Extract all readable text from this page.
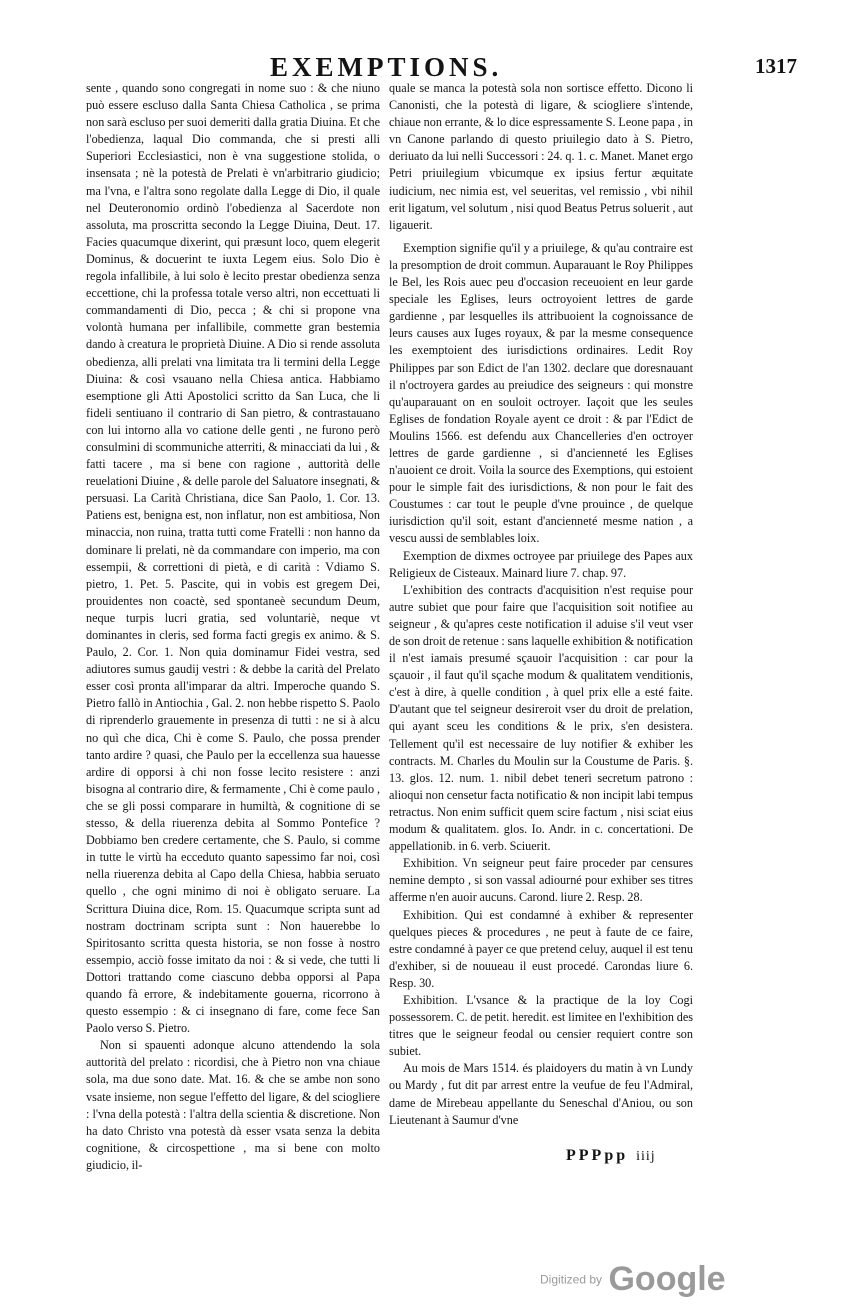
EXEMPTIONS.	1317

sente , quando sono congregati in nome suo : & che niuno può essere escluso dalla Santa Chiesa Catholica , se prima non sarà escluso per suoi demeriti dalla gratia Diuina. Et che l'obedienza, laqual Dio commanda, che si presti alli Superiori Ecclesiastici, non è vna suggestione stolida, o insensata ; nè la potestà de Prelati è vn'arbitrario giudicio; ma l'vna, e l'altra sono regolate dalla Legge di Dio, il quale nel Deuteronomio ordinò l'obedienza al Sacerdote non assoluta, ma proscritta secondo la Legge Diuina, Deut. 17. Facies quacumque dixerint, qui præsunt loco, quem elegerit Dominus, & docuerint te iuxta Legem eius. Solo Dio è regola infallibile, à lui solo è lecito prestar obedienza senza eccettione, chi la professa totale verso altri, non eccettuati li commandamenti di Dio, pecca ; & chi si propone vna volontà humana per infallibile, commette gran bestemia dando à creatura le proprietà Diuine. A Dio si rende assoluta obedienza, alli prelati vna limitata tra li termini della Legge Diuina: & così vsauano nella Chiesa antica. Habbiamo esemptione gli Atti Apostolici scritto da San Luca, che li fideli sentiuano il contrario di San pietro, & contrastauano con lui intorno alla vo catione delle genti , ne furono però consulmini di scommuniche atterriti, & minacciati da lui , & fatti tacere , ma si bene con ragione , auttorità delle reuelationi Diuine , & delle parole del Saluatore insegnati, & persuasi. La Carità Christiana, dice San Paolo, 1. Cor. 13. Patiens est, benigna est, non inflatur, non est ambitiosa, Non minaccia, non ruina, tratta tutti come Fratelli : non hanno da dominare li prelati, nè da commandare con imperio, ma con essempii, & correttioni di pietà, e di carità : Vdiamo S. pietro, 1. Pet. 5. Pascite, qui in vobis est gregem Dei, prouidentes non coactè, sed spontaneè secundum Deum, neque turpis lucri gratia, sed voluntariè, neque vt dominantes in cleris, sed forma facti gregis ex animo. & S. Paulo, 2. Cor. 1. Non quia dominamur Fidei vestra, sed adiutores sumus gaudij vestri : & debbe la carità del Prelato esser così pronta all'imparar da altri. Imperoche quando S. Pietro fallò in Antiochia , Gal. 2. non hebbe rispetto S. Paolo di riprenderlo grauemente in presenza di tutti : ne si à alcu no quì che dica, Chi è come S. Paulo, che possa prender tanto ardire ? quasi, che Paulo per la eccellenza sua hauesse ardire di opporsi à chi non fosse lecito resistere : anzi bisogna al contrario dire, & fermamente , Chi è come paulo , che se gli possi comparare in humiltà, & cognitione di se stesso, & della riuerenza debita al Sommo Pontefice ? Dobbiamo ben credere certamente, che S. Paulo, si comme in tutte le virtù ha ecceduto quanto sapessimo far noi, così nella riuerenza debita al Capo della Chiesa, habbia seruato quello , che ogni minimo di noi è obligato seruare. La Scrittura Diuina dice, Rom. 15. Quacumque scripta sunt ad nostram doctrinam scripta sunt : Non hauerebbe lo Spiritosanto scritta questa historia, se non fosse à nostro essempio, acciò fosse imitato da noi : & si vede, che tutti li Dottori trattando come ciascuno debba opporsi al Papa quando fà errore, & indebitamente gouerna, ricorrono à questo essempio : & ci insegnano di fare, come fece San Paolo verso S. Pietro.

Non si spauenti adonque alcuno attendendo la sola auttorità del prelato : ricordisi, che à Pietro non vna chiaue sola, ma due sono date. Mat. 16. & che se ambe non sono vsate insieme, non segue l'effetto del ligare, & del sciogliere : l'vna della potestà : l'altra della scientia & discretione. Non ha dato Christo vna potestà dà esser vsata senza la debita cognitione, & circospettione , ma si bene con molto giudicio, il-

quale se manca la potestà sola non sortisce effetto. Dicono li Canonisti, che la potestà di ligare, & sciogliere s'intende, chiaue non errante, & lo dice espressamente S. Leone papa , in vn Canone parlando di questo priuilegio dato à S. Pietro, deriuato da lui nelli Successori : 24. q. 1. c. Manet. Manet ergo Petri priuilegium vbicumque ex ipsius fertur æquitate iudicium, nec nimia est, vel seueritas, vel remissio , vbi nihil erit ligatum, vel solutum , nisi quod Beatus Petrus soluerit , aut ligauerit.

Exemption signifie qu'il y a priuilege, & qu'au contraire est la presomption de droit commun. Auparauant le Roy Philippes le Bel, les Rois auec peu d'occasion receuoient en leur garde speciale les Eglises, leurs octroyoient lettres de garde gardienne , par lesquelles ils attribuoient la cognoissance de leurs causes aux Iuges royaux, & par la mesme consequence les exemptoient des iurisdictions ordinaires. Ledit Roy Philippes par son Edict de l'an 1302. declare que doresnauant il n'octroyera gardes au preiudice des seigneurs : qui monstre qu'auparauant on en souloit octroyer. Iaçoit que les seules Eglises de fondation Royale ayent ce droit : & par l'Edict de Moulins 1566. est defendu aux Chancelleries d'en octroyer lettres de garde gardienne , si d'ancienneté les Eglises n'auoient ce droit. Voila la source des Exemptions, qui estoient pour le simple fait des iurisdictions, & non pour le fait des Coustumes : car tout le peuple d'vne prouince , de quelque iurisdiction qu'il soit, estant d'ancienneté mesme nation , a vescu aussi de semblables loix.

Exemption de dixmes octroyee par priuilege des Papes aux Religieux de Cisteaux. Mainard liure 7. chap. 97.

L'exhibition des contracts d'acquisition n'est requise pour autre subiet que pour faire que l'acquisition soit notifiee au seigneur , & qu'apres ceste notification il aduise s'il veut vser de son droit de retenue : sans laquelle exhibition & notification il n'est iamais presumé sçauoir l'acquisition : car pour la sçauoir , il faut qu'il sçache modum & qualitatem venditionis, c'est à dire, à quelle condition , à quel prix elle a esté faite. D'autant que tel seigneur desireroit vser du droit de prelation, qui ayant sceu les conditions & le prix, s'en desistera. Tellement qu'il est necessaire de luy notifier & exhiber les contracts. M. Charles du Moulin sur la Coustume de Paris. §. 13. glos. 12. num. 1. nibil debet teneri secretum patrono : alioqui non censetur facta notificatio & non incipit labi tempus retractus. Non enim sufficit quem scire factum , nisi sciat eius modum & qualitatem. glos. Io. Andr. in c. concertationi. De appellationib. in 6. verb. Sciuerit.

Exhibition. Vn seigneur peut faire proceder par censures nemine dempto , si son vassal adiourné pour exhiber ses titres afferme n'en auoir aucuns. Carond. liure 2. Resp. 28.

Exhibition. Qui est condamné à exhiber & representer quelques pieces & procedures , ne peut à faute de ce faire, estre condamné à payer ce que pretend celuy, auquel il est tenu d'exhiber, si de nouueau il eust procedé. Carondas liure 6. Resp. 30.

Exhibition. L'vsance & la practique de la loy Cogi possessorem. C. de petit. heredit. est limitee en l'exhibition des titres que le seigneur feodal ou censier requiert contre son subiet.

Au mois de Mars 1514. és plaidoyers du matin à vn Lundy ou Mardy , fut dit par arrest entre la veufue de feu l'Admiral, dame de Mirebeau appellante du Seneschal d'Aniou, ou son Lieutenant à Saumur d'vne

PPPpp iiij
Digitized by Google
